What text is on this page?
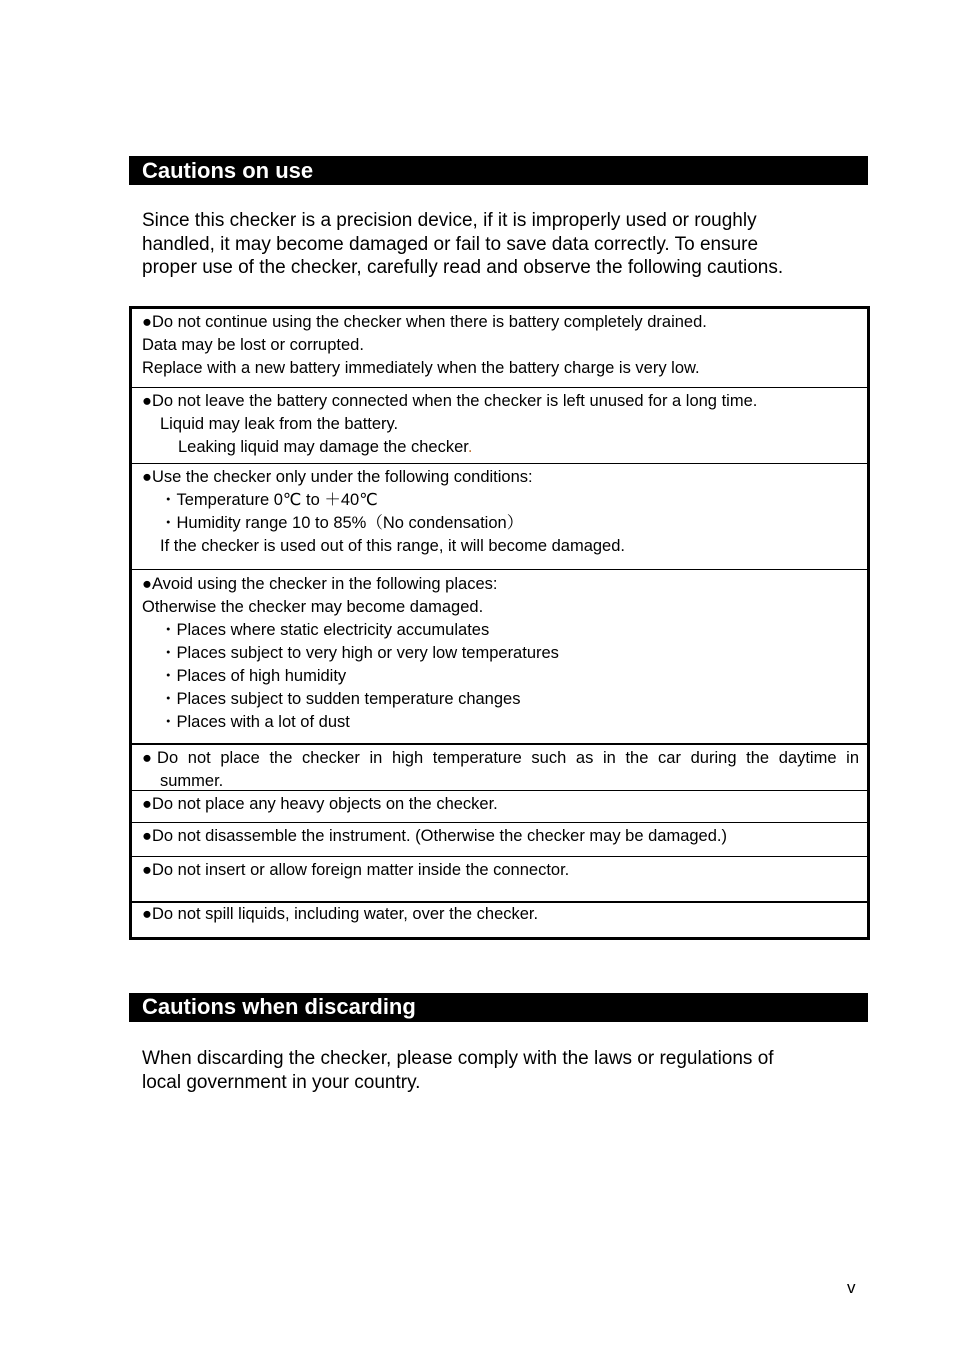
Cautions on use
Since this checker is a precision device, if it is improperly used or roughly
handled, it may become damaged or fail to save data correctly. To ensure
proper use of the checker, carefully read and observe the following cautions.
●Do not continue using the checker when there is battery completely drained.
Data may be lost or corrupted.
Replace with a new battery immediately when the battery charge is very low.
●Do not leave the battery connected when the checker is left unused for a long time.
Liquid may leak from the battery.
Leaking liquid may damage the checker.
●Use the checker only under the following conditions:
・Temperature 0℃ to ＋40℃
・Humidity range 10 to 85%（No condensation）
If the checker is used out of this range, it will become damaged.
●Avoid using the checker in the following places:
Otherwise the checker may become damaged.
・Places where static electricity accumulates
・Places subject to very high or very low temperatures
・Places of high humidity
・Places subject to sudden temperature changes
・Places with a lot of dust
●Do not place the checker in high temperature such as in the car during the daytime in
summer.
●Do not place any heavy objects on the checker.
●Do not disassemble the instrument. (Otherwise the checker may be damaged.)
●Do not insert or allow foreign matter inside the connector.
●Do not spill liquids, including water, over the checker.
Cautions when discarding
When discarding the checker, please comply with the laws or regulations of
local government in your country.
v
